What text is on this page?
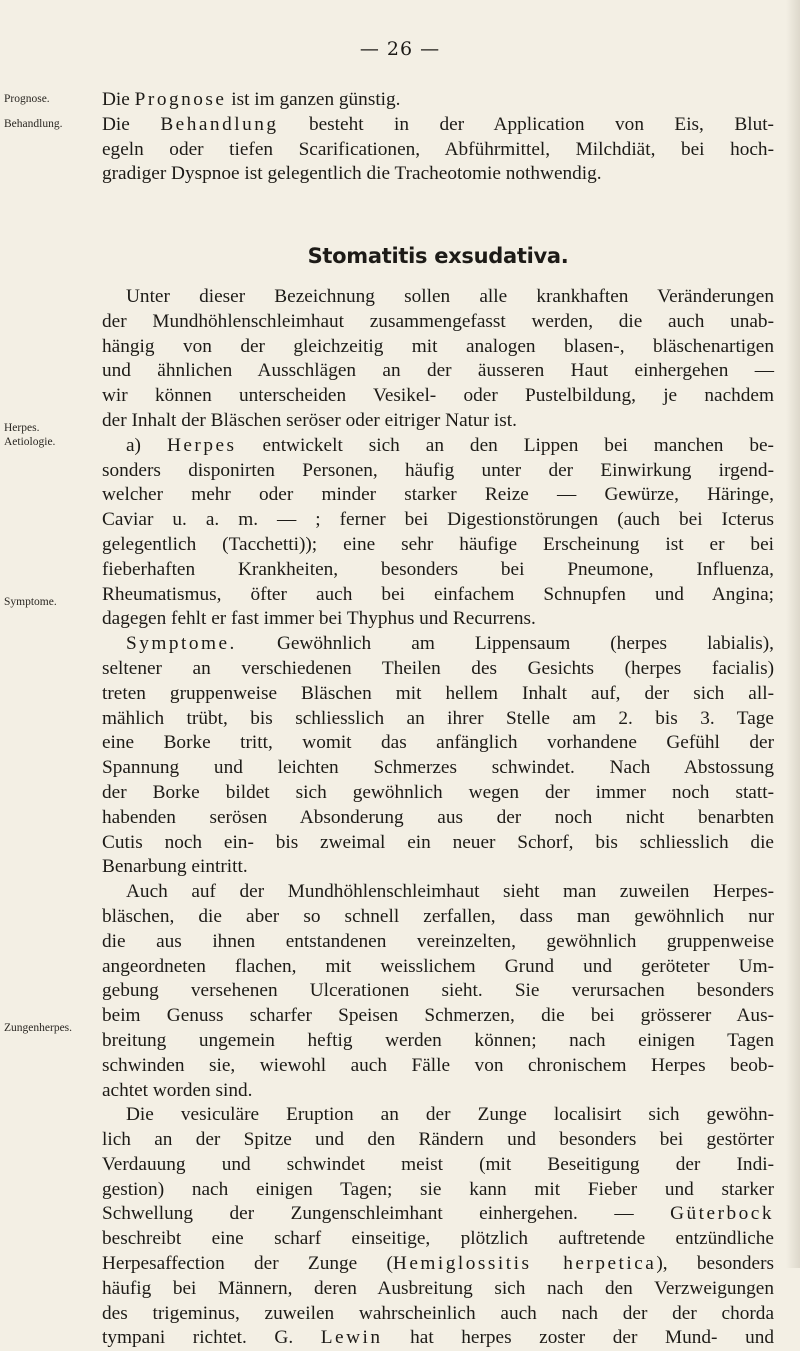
— 26 —
Prognose.
Behandlung.
Herpes.
Aetiologie.
Symptome.
Zungenherpes.
Die Prognose ist im ganzen günstig.
Die Behandlung besteht in der Application von Eis, Blut-
egeln oder tiefen Scarificationen, Abführmittel, Milchdiät, bei hoch-
gradiger Dyspnoe ist gelegentlich die Tracheotomie nothwendig.
Stomatitis exsudativa.
Unter dieser Bezeichnung sollen alle krankhaften Veränderungen
der Mundhöhlenschleimhaut zusammengefasst werden, die auch unab-
hängig von der gleichzeitig mit analogen blasen-, bläschenartigen
und ähnlichen Ausschlägen an der äusseren Haut einhergehen —
wir können unterscheiden Vesikel- oder Pustelbildung, je nachdem
der Inhalt der Bläschen seröser oder eitriger Natur ist.
a) Herpes entwickelt sich an den Lippen bei manchen be-
sonders disponirten Personen, häufig unter der Einwirkung irgend-
welcher mehr oder minder starker Reize — Gewürze, Häringe,
Caviar u. a. m. — ; ferner bei Digestionstörungen (auch bei Icterus
gelegentlich (Tacchetti)); eine sehr häufige Erscheinung ist er bei
fieberhaften Krankheiten, besonders bei Pneumone, Influenza,
Rheumatismus, öfter auch bei einfachem Schnupfen und Angina;
dagegen fehlt er fast immer bei Thyphus und Recurrens.
Symptome. Gewöhnlich am Lippensaum (herpes labialis),
seltener an verschiedenen Theilen des Gesichts (herpes facialis)
treten gruppenweise Bläschen mit hellem Inhalt auf, der sich all-
mählich trübt, bis schliesslich an ihrer Stelle am 2. bis 3. Tage
eine Borke tritt, womit das anfänglich vorhandene Gefühl der
Spannung und leichten Schmerzes schwindet. Nach Abstossung
der Borke bildet sich gewöhnlich wegen der immer noch statt-
habenden serösen Absonderung aus der noch nicht benarbten
Cutis noch ein- bis zweimal ein neuer Schorf, bis schliesslich die
Benarbung eintritt.
Auch auf der Mundhöhlenschleimhaut sieht man zuweilen Herpes-
bläschen, die aber so schnell zerfallen, dass man gewöhnlich nur
die aus ihnen entstandenen vereinzelten, gewöhnlich gruppenweise
angeordneten flachen, mit weisslichem Grund und geröteter Um-
gebung versehenen Ulcerationen sieht. Sie verursachen besonders
beim Genuss scharfer Speisen Schmerzen, die bei grösserer Aus-
breitung ungemein heftig werden können; nach einigen Tagen
schwinden sie, wiewohl auch Fälle von chronischem Herpes beob-
achtet worden sind.
Die vesiculäre Eruption an der Zunge localisirt sich gewöhn-
lich an der Spitze und den Rändern und besonders bei gestörter
Verdauung und schwindet meist (mit Beseitigung der Indi-
gestion) nach einigen Tagen; sie kann mit Fieber und starker
Schwellung der Zungenschleimhant einhergehen. — Güterbock
beschreibt eine scharf einseitige, plötzlich auftretende entzündliche
Herpesaffection der Zunge (Hemiglossitis herpetica), besonders
häufig bei Männern, deren Ausbreitung sich nach den Verzweigungen
des trigeminus, zuweilen wahrscheinlich auch nach der der chorda
tympani richtet. G. Lewin hat herpes zoster der Mund- und
